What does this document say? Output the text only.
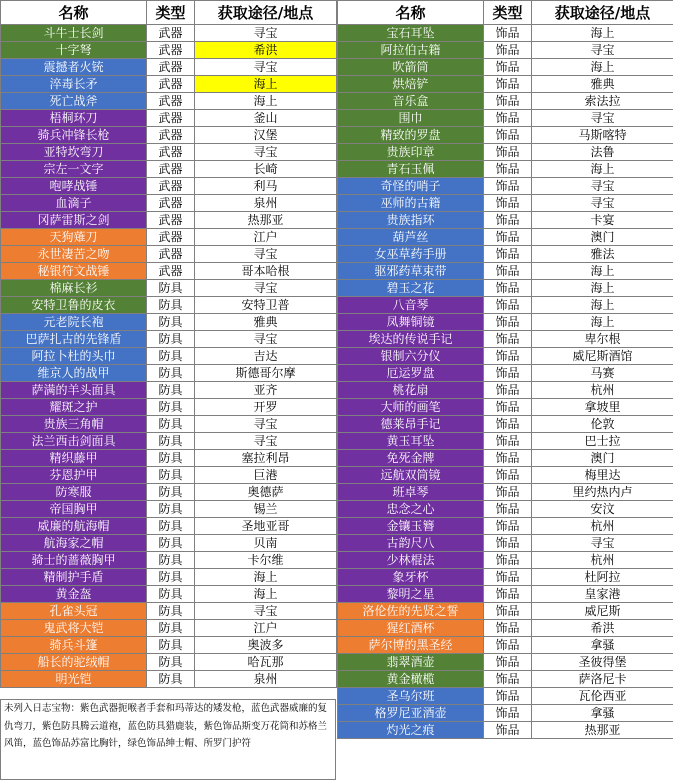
名称	类型	获取途径/地点
斗牛士长剑	武器	寻宝
十字弩	武器	希洪
震撼者火铳	武器	寻宝
淬毒长矛	武器	海上
死亡战斧	武器	海上
梧桐环刀	武器	釜山
骑兵冲锋长枪	武器	汉堡
亚特坎弯刀	武器	寻宝
宗左一文字	武器	长崎
咆哮战锤	武器	利马
血滴子	武器	泉州
冈萨雷斯之剑	武器	热那亚
天狗薙刀	武器	江户
永世凄苦之吻	武器	寻宝
秘银符文战锤	武器	哥本哈根
棉麻长衫	防具	寻宝
安特卫鲁的皮衣	防具	安特卫普
元老院长袍	防具	雅典
巴萨扎古的先锋盾	防具	寻宝
阿拉卜杜的头巾	防具	吉达
维京人的战甲	防具	斯德哥尔摩
萨满的羊头面具	防具	亚齐
耀斑之护	防具	开罗
贵族三角帽	防具	寻宝
法兰西击剑面具	防具	寻宝
精织藤甲	防具	塞拉利昂
芬恩护甲	防具	巨港
防寒服	防具	奥德萨
帝国胸甲	防具	锡兰
威廉的航海帽	防具	圣地亚哥
航海家之帽	防具	贝南
骑士的蔷薇胸甲	防具	卡尔维
精制护手盾	防具	海上
黄金盔	防具	海上
孔雀头冠	防具	寻宝
鬼武将大铠	防具	江户
骑兵斗篷	防具	奥波多
船长的驼绒帽	防具	哈瓦那
明光铠	防具	泉州
名称	类型	获取途径/地点
宝石耳坠	饰品	海上
阿拉伯古籍	饰品	寻宝
吹箭筒	饰品	海上
烘焙铲	饰品	雅典
音乐盒	饰品	索法拉
围巾	饰品	寻宝
精致的罗盘	饰品	马斯喀特
贵族印章	饰品	法鲁
青石玉佩	饰品	海上
奇怪的哨子	饰品	寻宝
巫师的古籍	饰品	寻宝
贵族指环	饰品	卡宴
葫芦丝	饰品	澳门
女巫草药手册	饰品	雅法
驱邪药草束带	饰品	海上
碧玉之花	饰品	海上
八音琴	饰品	海上
凤舞铜镜	饰品	海上
埃达的传说手记	饰品	卑尔根
银制六分仪	饰品	威尼斯酒馆
厄运罗盘	饰品	马赛
桃花扇	饰品	杭州
大师的画笔	饰品	拿坡里
德莱昂手记	饰品	伦敦
黄玉耳坠	饰品	巴士拉
免死金牌	饰品	澳门
远航双筒镜	饰品	梅里达
班卓琴	饰品	里约热内卢
忠念之心	饰品	安汶
金镶玉簪	饰品	杭州
古韵尺八	饰品	寻宝
少林棍法	饰品	杭州
象牙杯	饰品	杜阿拉
黎明之星	饰品	皇家港
洛伦佐的先贤之誓	饰品	威尼斯
猩红酒杯	饰品	希洪
萨尔博的黑圣经	饰品	拿骚
翡翠酒壶	饰品	圣彼得堡
黄金橄榄	饰品	萨洛尼卡
圣乌尔班	饰品	瓦伦西亚
格罗尼亚酒壶	饰品	拿骚
灼光之痕	饰品	热那亚
未列入日志宝物：紫色武器扼喉者手套和玛蒂达的矮发枪，蓝色武器威廉的复仇弯刀，紫色防具腾云道袍，蓝色防具猎鹿装，紫色饰品斯变万花筒和苏格兰风笛，蓝色饰品苏富比胸针，绿色饰品绅士帽、所罗门护符
